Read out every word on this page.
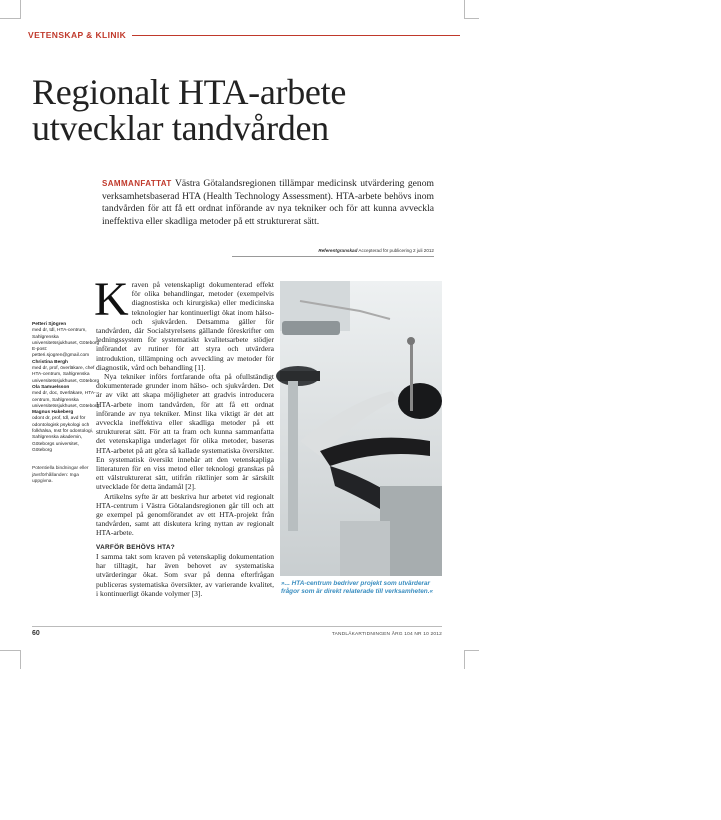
VETENSKAP & KLINIK
Regionalt HTA-arbete
utvecklar tandvården
SAMMANFATTAT Västra Götalandsregionen tillämpar medicinsk utvärdering genom verksamhetsbaserad HTA (Health Technology Assessment). HTA-arbete behövs inom tandvården för att få ett ordnat införande av nya tekniker och för att kunna avveckla ineffektiva eller skadliga metoder på ett strukturerat sätt.
Referentgranskad Accepterad för publicering 2 juli 2012
Petteri Sjögren
med dr, tdl, HTA-centrum, Sahlgrenska universitetssjukhuset, Göteborg
E-post: petteri.sjogren@gmail.com
Christina Bergh
med dr, prof, överläkare, chef HTA-centrum, Sahlgrenska universitetssjukhuset, Göteborg
Ola Samuelsson
med dr, doc, överläkare, HTA-centrum, Sahlgrenska universitetssjukhuset, Göteborg
Magnus Hakeberg
odont dr, prof, tdl, avd för odontologisk psykologi och folkhälsa, Inst för odontologi, Sahlgrenska akademin, Göteborgs universitet, Göteborg
Potentiella bindningar eller jävsförhållanden: Inga uppgivna.

Kraven på vetenskapligt dokumenterad effekt för olika behandlingar, metoder (exempelvis diagnostiska och kirurgiska) eller medicinska teknologier har kontinuerligt ökat inom hälso- och sjukvården. Detsamma gäller för tandvården, där Socialstyrelsens gällande föreskrifter om ledningssystem för systematiskt kvalitetsarbete stödjer införandet av rutiner för att styra och utvärdera introduktion, tillämpning och avveckling av metoder för diagnostik, vård och behandling [1].

Nya tekniker införs fortfarande ofta på ofullständigt dokumenterade grunder inom hälso- och sjukvården. Det är av vikt att skapa möjligheter att gradvis introducera HTA-arbete inom tandvården, för att få ett ordnat införande av nya tekniker. Minst lika viktigt är det att avveckla ineffektiva eller skadliga metoder på ett strukturerat sätt. För att ta fram och kunna sammanfatta det vetenskapliga underlaget för olika metoder, baseras HTA-arbetet på att göra så kallade systematiska översikter. En systematisk översikt innebär att den vetenskapliga litteraturen för en viss metod eller teknologi granskas på ett välstrukturerat sätt, utifrån riktlinjer som är särskilt utvecklade för detta ändamål [2].

Artikelns syfte är att beskriva hur arbetet vid regionalt HTA-centrum i Västra Götalandsregionen går till och att ge exempel på genomförandet av ett HTA-projekt från tandvården, samt att diskutera kring nyttan av regionalt HTA-arbete.

VARFÖR BEHÖVS HTA?

I samma takt som kraven på vetenskaplig dokumentation har tilltagit, har även behovet av systematiska utvärderingar ökat. Som svar på denna efterfrågan publiceras systematiska översikter, av varierande kvalitet, i kontinuerligt ökande volymer [3].

FOTO: COLOURBOX
»... HTA-centrum bedriver projekt som utvärderar frågor som är direkt relaterade till verksamheten.«
60	TANDLÄKARTIDNINGEN ÅRG 104 NR 10 2012
